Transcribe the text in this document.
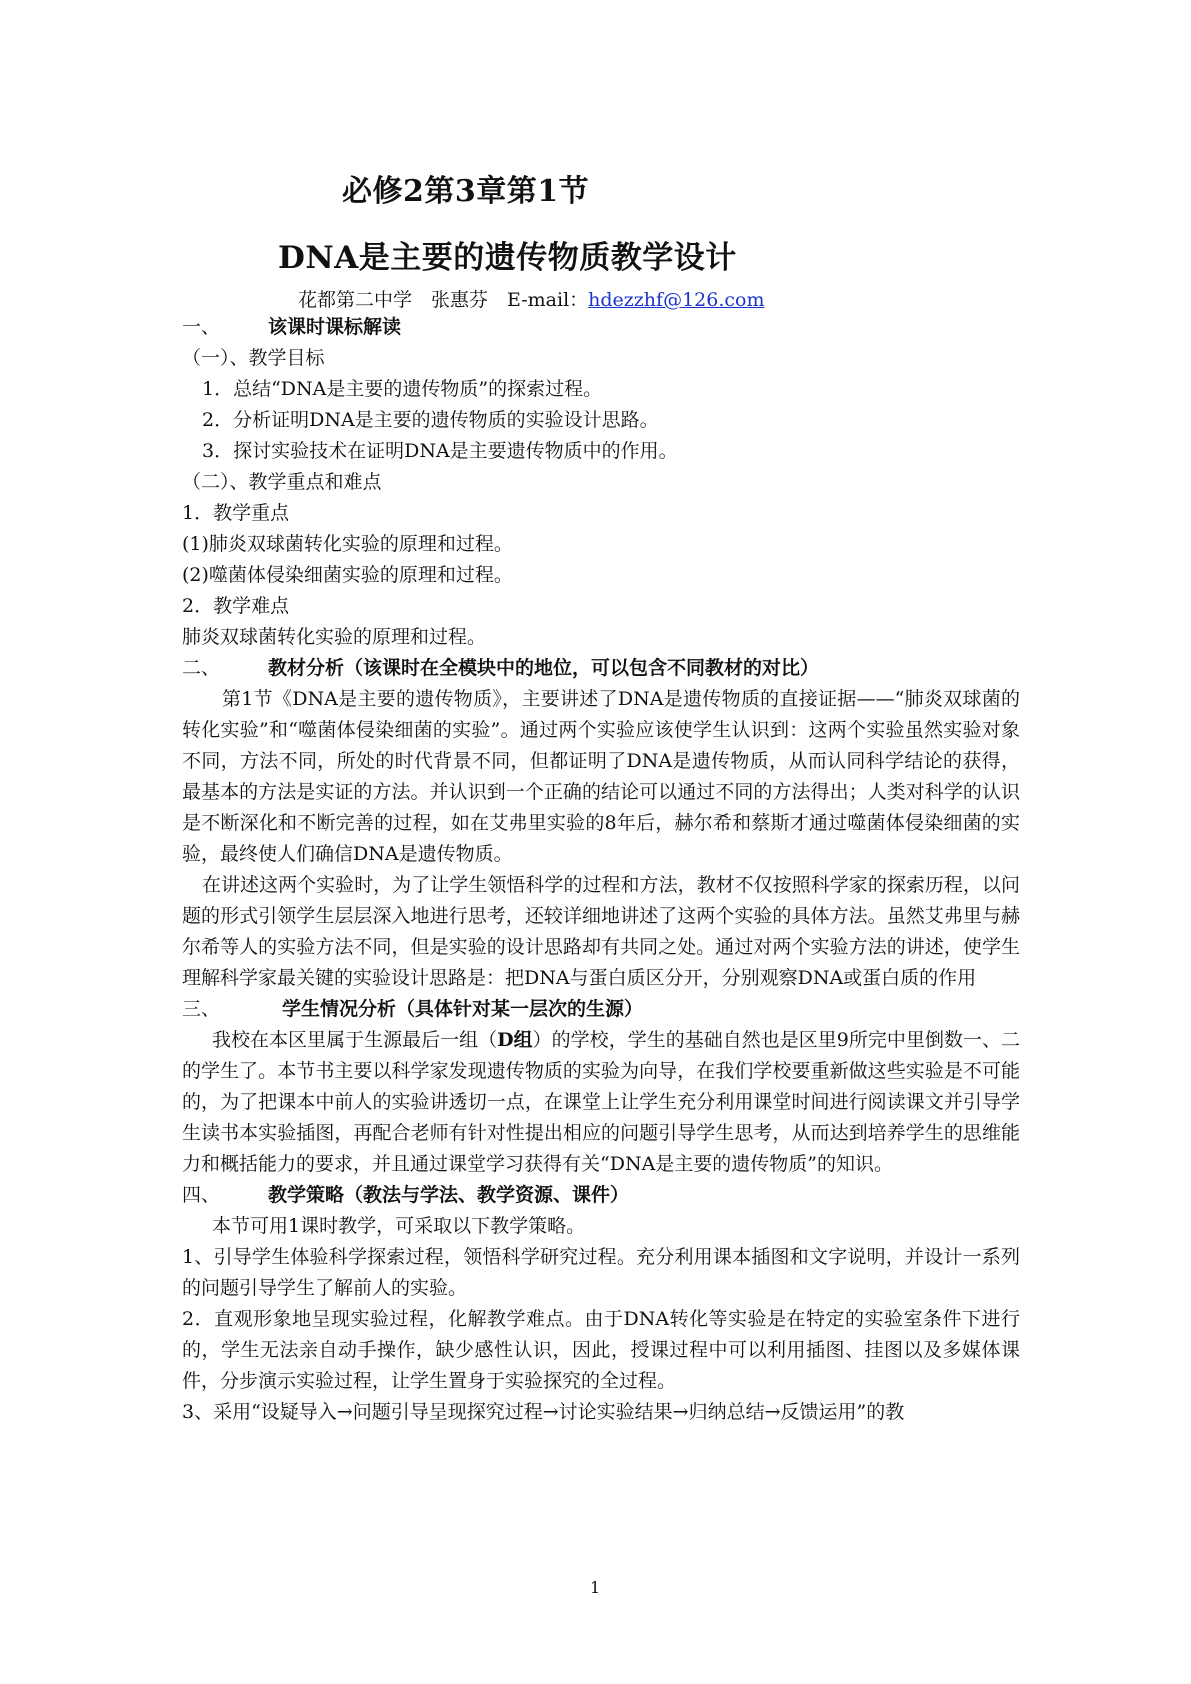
必修2第3章第1节
DNA是主要的遗传物质教学设计
花都第二中学　张惠芬　E-mail：hdezzhf@126.com
一、	该课时课标解读
（一）、教学目标
1．总结“DNA是主要的遗传物质”的探索过程。
2．分析证明DNA是主要的遗传物质的实验设计思路。
3．探讨实验技术在证明DNA是主要遗传物质中的作用。
（二）、教学重点和难点
1．教学重点
(1)肺炎双球菌转化实验的原理和过程。
(2)噬菌体侵染细菌实验的原理和过程。
2．教学难点
肺炎双球菌转化实验的原理和过程。
二、	教材分析（该课时在全模块中的地位，可以包含不同教材的对比）
第1节《DNA是主要的遗传物质》，主要讲述了DNA是遗传物质的直接证据——“肺炎双球菌的转化实验”和“噬菌体侵染细菌的实验”。通过两个实验应该使学生认识到：这两个实验虽然实验对象不同，方法不同，所处的时代背景不同，但都证明了DNA是遗传物质，从而认同科学结论的获得，最基本的方法是实证的方法。并认识到一个正确的结论可以通过不同的方法得出；人类对科学的认识是不断深化和不断完善的过程，如在艾弗里实验的8年后，赫尔希和蔡斯才通过噬菌体侵染细菌的实验，最终使人们确信DNA是遗传物质。
在讲述这两个实验时，为了让学生领悟科学的过程和方法，教材不仅按照科学家的探索历程，以问题的形式引领学生层层深入地进行思考，还较详细地讲述了这两个实验的具体方法。虽然艾弗里与赫尔希等人的实验方法不同，但是实验的设计思路却有共同之处。通过对两个实验方法的讲述，使学生理解科学家最关键的实验设计思路是：把DNA与蛋白质区分开，分别观察DNA或蛋白质的作用
三、	学生情况分析（具体针对某一层次的生源）
我校在本区里属于生源最后一组（D组）的学校，学生的基础自然也是区里9所完中里倒数一、二的学生了。本节书主要以科学家发现遗传物质的实验为向导，在我们学校要重新做这些实验是不可能的，为了把课本中前人的实验讲透切一点，在课堂上让学生充分利用课堂时间进行阅读课文并引导学生读书本实验插图，再配合老师有针对性提出相应的问题引导学生思考，从而达到培养学生的思维能力和概括能力的要求，并且通过课堂学习获得有关“DNA是主要的遗传物质”的知识。
四、	教学策略（教法与学法、教学资源、课件）
本节可用1课时教学，可采取以下教学策略。
1、引导学生体验科学探索过程，领悟科学研究过程。充分利用课本插图和文字说明，并设计一系列的问题引导学生了解前人的实验。
2．直观形象地呈现实验过程，化解教学难点。由于DNA转化等实验是在特定的实验室条件下进行的，学生无法亲自动手操作，缺少感性认识，因此，授课过程中可以利用插图、挂图以及多媒体课件，分步演示实验过程，让学生置身于实验探究的全过程。
3、采用“设疑导入→问题引导呈现探究过程→讨论实验结果→归纳总结→反馈运用”的教
1
